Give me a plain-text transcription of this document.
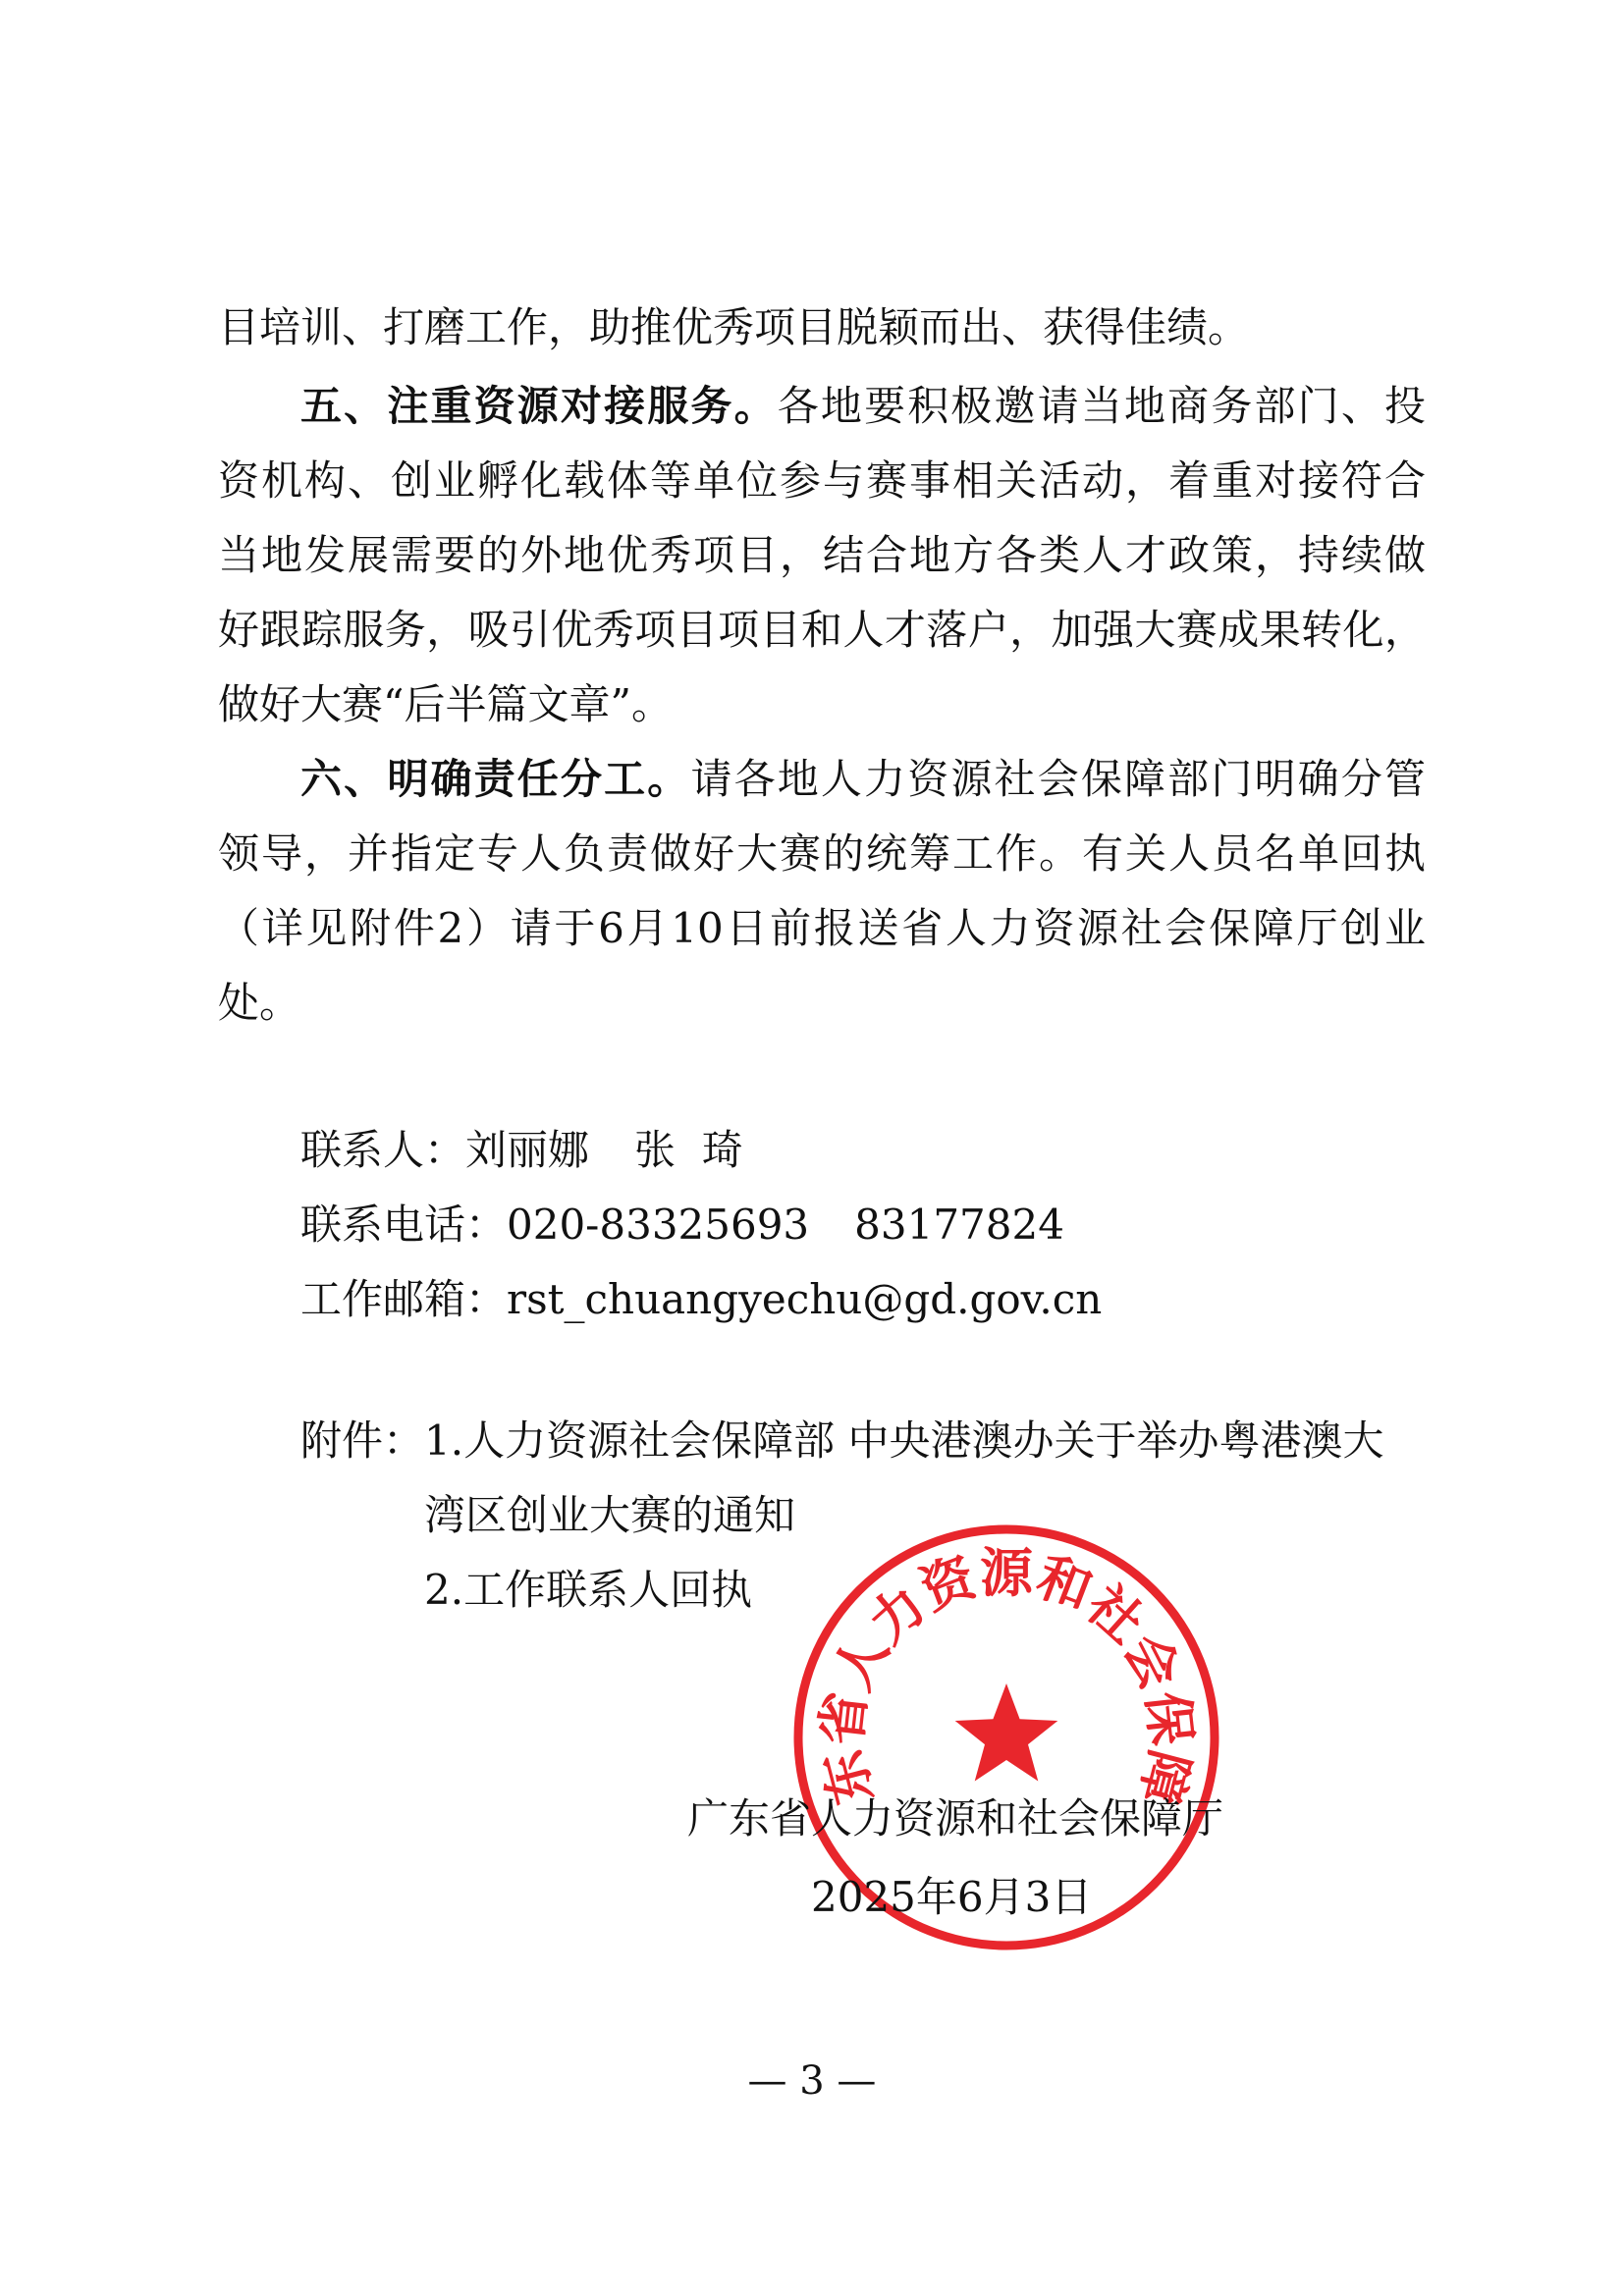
目培训、打磨工作，助推优秀项目脱颖而出、获得佳绩。
五、注重资源对接服务。各地要积极邀请当地商务部门、投
资机构、创业孵化载体等单位参与赛事相关活动，着重对接符合
当地发展需要的外地优秀项目，结合地方各类人才政策，持续做
好跟踪服务，吸引优秀项目项目和人才落户，加强大赛成果转化，
做好大赛“后半篇文章”。
六、明确责任分工。请各地人力资源社会保障部门明确分管
领导，并指定专人负责做好大赛的统筹工作。有关人员名单回执
（详见附件2）请于6月10日前报送省人力资源社会保障厅创业
处。
联系人：刘丽娜 张  琦
联系电话：020-83325693 83177824
工作邮箱：rst_chuangyechu@gd.gov.cn
附件：1.人力资源社会保障部 中央港澳办关于举办粤港澳大
湾区创业大赛的通知
2.工作联系人回执
东省人力资源和社会保障
广东省人力资源和社会保障厅
2025年6月3日
— 3 —
